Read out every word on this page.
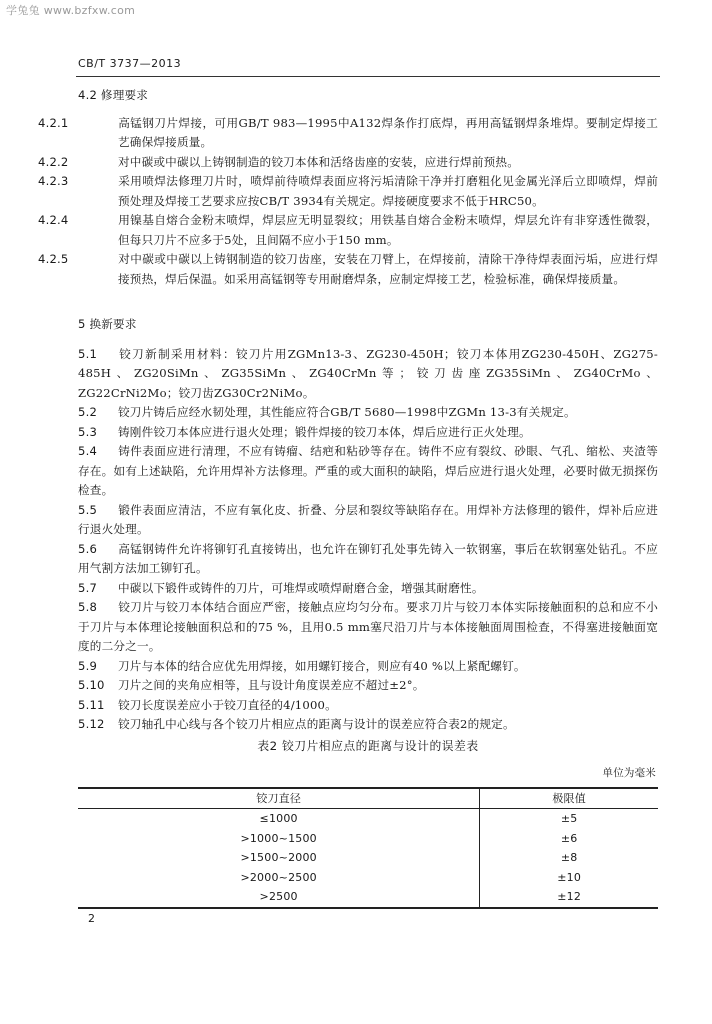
学兔兔 www.bzfxw.com
CB/T 3737—2013
4.2 修理要求

4.2.1	高锰钢刀片焊接，可用GB/T 983—1995中A132焊条作打底焊，再用高锰钢焊条堆焊。要制定焊接工艺确保焊接质量。

4.2.2	对中碳或中碳以上铸钢制造的铰刀本体和活络齿座的安装，应进行焊前预热。

4.2.3	采用喷焊法修理刀片时，喷焊前待喷焊表面应将污垢清除干净并打磨粗化见金属光泽后立即喷焊，焊前预处理及焊接工艺要求应按CB/T 3934有关规定。焊接硬度要求不低于HRC50。

4.2.4	用镍基自熔合金粉末喷焊，焊层应无明显裂纹；用铁基自熔合金粉末喷焊，焊层允许有非穿透性微裂，但每只刀片不应多于5处，且间隔不应小于150 mm。

4.2.5	对中碳或中碳以上铸钢制造的铰刀齿座，安装在刀臂上，在焊接前，清除干净待焊表面污垢，应进行焊接预热，焊后保温。如采用高锰钢等专用耐磨焊条，应制定焊接工艺，检验标准，确保焊接质量。

5 换新要求

5.1 铰刀新制采用材料：铰刀片用ZGMn13-3、ZG230-450H；铰刀本体用ZG230-450H、ZG275-485H、ZG20SiMn、ZG35SiMn、ZG40CrMn等；铰刀齿座ZG35SiMn、ZG40CrMo、ZG22CrNi2Mo；铰刀齿ZG30Cr2NiMo。

5.2 铰刀片铸后应经水韧处理，其性能应符合GB/T 5680—1998中ZGMn 13-3有关规定。

5.3 铸刚件铰刀本体应进行退火处理；锻件焊接的铰刀本体，焊后应进行正火处理。

5.4 铸件表面应进行清理，不应有铸瘤、结疤和粘砂等存在。铸件不应有裂纹、砂眼、气孔、缩松、夹渣等存在。如有上述缺陷，允许用焊补方法修理。严重的或大面积的缺陷，焊后应进行退火处理，必要时做无损探伤检查。

5.5 锻件表面应清洁，不应有氧化皮、折叠、分层和裂纹等缺陷存在。用焊补方法修理的锻件，焊补后应进行退火处理。

5.6 高锰钢铸件允许将铆钉孔直接铸出，也允许在铆钉孔处事先铸入一软钢塞，事后在软钢塞处钻孔。不应用气割方法加工铆钉孔。

5.7 中碳以下锻件或铸件的刀片，可堆焊或喷焊耐磨合金，增强其耐磨性。

5.8 铰刀片与铰刀本体结合面应严密，接触点应均匀分布。要求刀片与铰刀本体实际接触面积的总和应不小于刀片与本体理论接触面积总和的75 %，且用0.5 mm塞尺沿刀片与本体接触面周围检查，不得塞进接触面宽度的二分之一。

5.9 刀片与本体的结合应优先用焊接，如用螺钉接合，则应有40 %以上紧配螺钉。

5.10 刀片之间的夹角应相等，且与设计角度误差应不超过±2°。

5.11 铰刀长度误差应小于铰刀直径的4/1000。

5.12 铰刀轴孔中心线与各个铰刀片相应点的距离与设计的误差应符合表2的规定。

表2 铰刀片相应点的距离与设计的误差表
单位为毫米
铰刀直径	极限值
≤1000	±5
>1000~1500	±6
>1500~2000	±8
>2000~2500	±10
>2500	±12
2
